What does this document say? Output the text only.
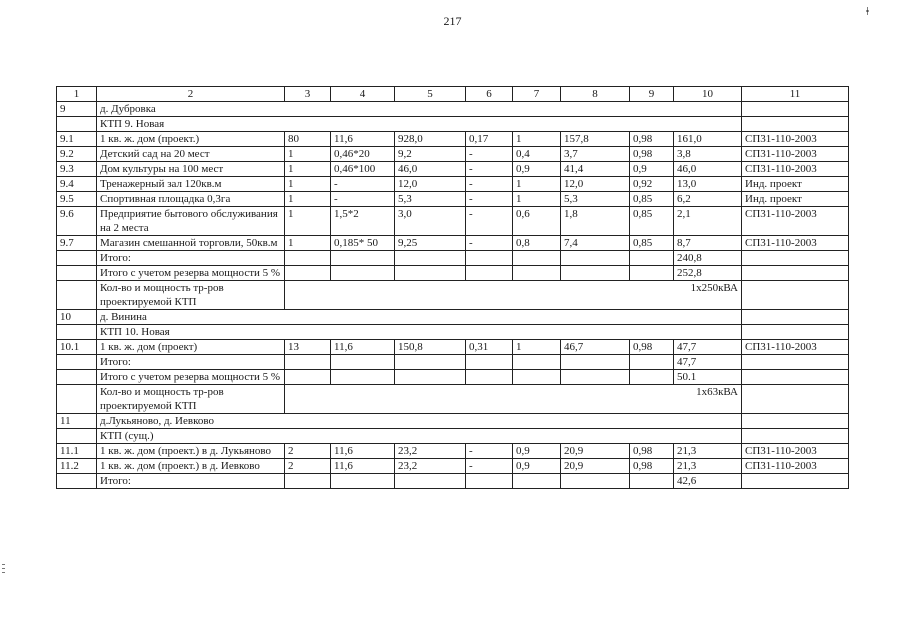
217
ǂ
1	2	3	4	5	6	7	8	9	10	11
9	д. Дубровка									
	КТП 9. Новая									
9.1	1 кв. ж. дом (проект.)	80	11,6	928,0	0,17	1	157,8	0,98	161,0	СП31-110-2003
9.2	Детский сад на 20 мест	1	0,46*20	9,2	-	0,4	3,7	0,98	3,8	СП31-110-2003
9.3	Дом культуры на 100 мест	1	0,46*100	46,0	-	0,9	41,4	0,9	46,0	СП31-110-2003
9.4	Тренажерный зал 120кв.м	1	-	12,0	-	1	12,0	0,92	13,0	Инд. проект
9.5	Спортивная площадка 0,3га	1	-	5,3	-	1	5,3	0,85	6,2	Инд. проект
9.6	Предприятие бытового обслуживания на 2 места	1	1,5*2	3,0	-	0,6	1,8	0,85	2,1	СП31-110-2003
9.7	Магазин смешанной торговли, 50кв.м	1	0,185* 50	9,25	-	0,8	7,4	0,85	8,7	СП31-110-2003
	Итого:								240,8	
	Итого с учетом резерва мощности 5 %								252,8	
	Кол-во и мощность тр-ров проектируемой КТП	1х250кВА								
10	д. Винина									
	КТП 10. Новая									
10.1	1 кв. ж. дом (проект)	13	11,6	150,8	0,31	1	46,7	0,98	47,7	СП31-110-2003
	Итого:								47,7	
	Итого с учетом резерва мощности 5 %								50.1	
	Кол-во и мощность тр-ров проектируемой КТП	1х63кВА								
11	д.Лукьяново, д. Иевково									
	КТП (сущ.)									
11.1	1 кв. ж. дом (проект.) в д. Лукьяново	2	11,6	23,2	-	0,9	20,9	0,98	21,3	СП31-110-2003
11.2	1 кв. ж. дом (проект.) в д. Иевково	2	11,6	23,2	-	0,9	20,9	0,98	21,3	СП31-110-2003
	Итого:								42,6	
